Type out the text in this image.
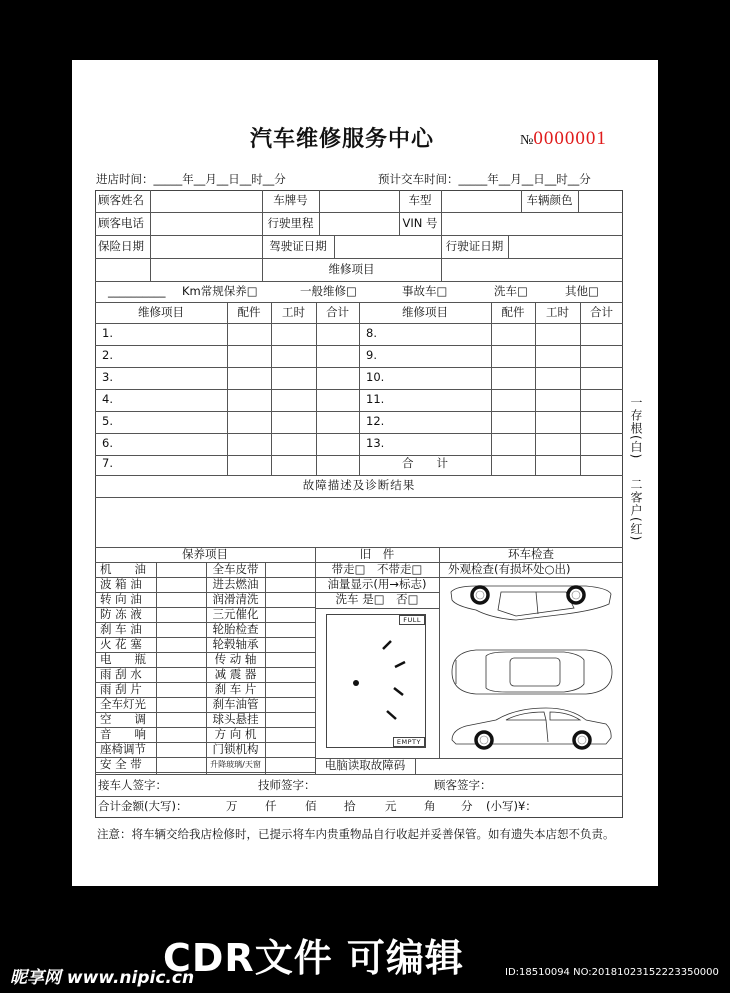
汽车维修服务中心	№0000001
进店时间：_____年__月__日__时__分	预计交车时间：_____年__月__日__时__分
顾客姓名	车牌号	车型	车辆颜色
顾客电话	行驶里程	VIN 号
保险日期	驾驶证日期	行驶证日期
维修项目
__________ Km常规保养□	一般维修□	事故车□	洗车□	其他□
维修项目	配件	工时	合计	维修项目	配件	工时	合计
1.	8.
2.	9.
3.	10.
4.	11.
5.	12.
6.	13.
7.	合　　计
故障描述及诊断结果
保养项目	旧　件	环车检查
机　　油	全车皮带
波 箱 油	进去燃油
转 向 油	润滑清洗
防 冻 液	三元催化
刹 车 油	轮胎检查
火 花 塞	轮毂轴承
电　　瓶	传 动 轴
雨 刮 水	减 震 器
雨 刮 片	刹 车 片
全车灯光	刹车油管
空　　调	球头悬挂
音　　响	方 向 机
座椅调节	门锁机构
安 全 带	升降玻璃/天窗
带走□　不带走□
油量显示(用→标志)
洗车 是□　否□
外观检查(有损坏处○出)
FULL
EMPTY
电脑读取故障码
接车人签字：	技师签字：	顾客签字：
合计金额(大写)：	万 仟 佰 拾	元 角 分 (小写)¥：
注意：将车辆交给我店检修时，已提示将车内贵重物品自行收起并妥善保管。如有遗失本店恕不负责。
一存根(白)
二客户(红)
CDR文件 可编辑
昵享网 www.nipic.cn	ID:18510094 NO:20181023152223350000
